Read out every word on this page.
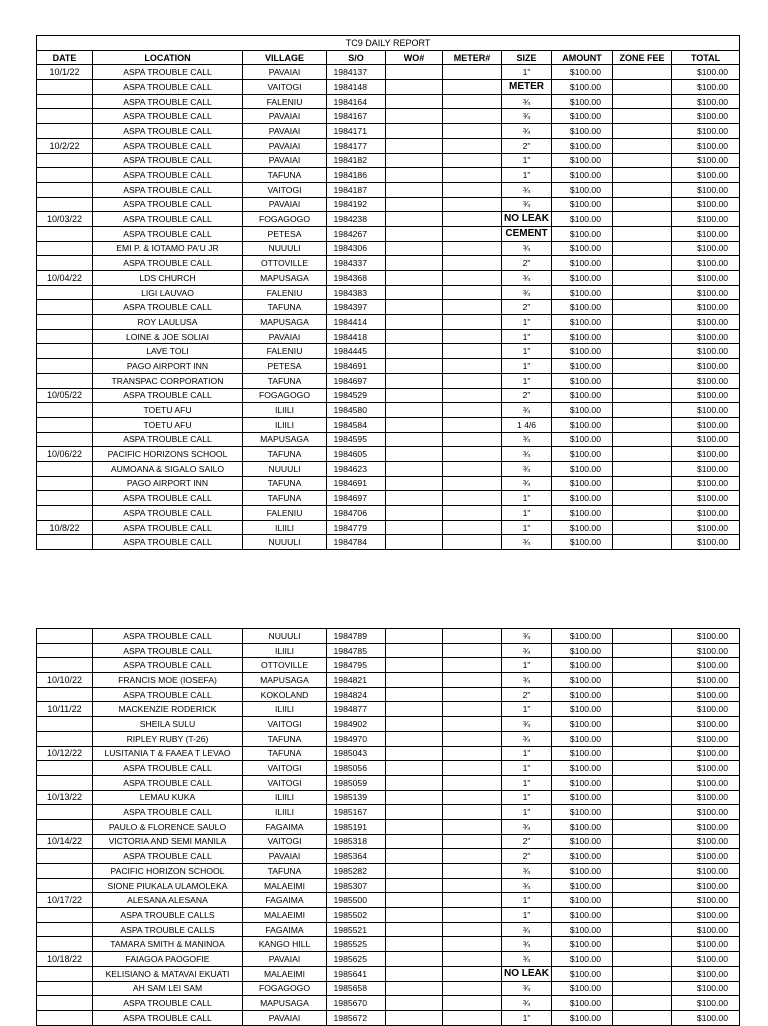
TC9 DAILY REPORT									
DATE	LOCATION	VILLAGE	S/O	WO#	METER#	SIZE	AMOUNT	ZONE FEE	TOTAL
10/1/22	ASPA TROUBLE CALL	PAVAIAI	1984137			1"	$100.00		$100.00
	ASPA TROUBLE CALL	VAITOGI	1984148			METER	$100.00		$100.00
	ASPA TROUBLE CALL	FALENIU	1984164			¾	$100.00		$100.00
	ASPA TROUBLE CALL	PAVAIAI	1984167			¾	$100.00		$100.00
	ASPA TROUBLE CALL	PAVAIAI	1984171			¾	$100.00		$100.00
10/2/22	ASPA TROUBLE CALL	PAVAIAI	1984177			2"	$100.00		$100.00
	ASPA TROUBLE CALL	PAVAIAI	1984182			1"	$100.00		$100.00
	ASPA TROUBLE CALL	TAFUNA	1984186			1"	$100.00		$100.00
	ASPA TROUBLE CALL	VAITOGI	1984187			¾	$100.00		$100.00
	ASPA TROUBLE CALL	PAVAIAI	1984192			¾	$100.00		$100.00
10/03/22	ASPA TROUBLE CALL	FOGAGOGO	1984238			NO LEAK	$100.00		$100.00
	ASPA TROUBLE CALL	PETESA	1984267			CEMENT	$100.00		$100.00
	EMI P. & IOTAMO PA'U JR	NUUULI	1984306			¾	$100.00		$100.00
	ASPA TROUBLE CALL	OTTOVILLE	1984337			2"	$100.00		$100.00
10/04/22	LDS CHURCH	MAPUSAGA	1984368			¾	$100.00		$100.00
	LIGI LAUVAO	FALENIU	1984383			¾	$100.00		$100.00
	ASPA TROUBLE CALL	TAFUNA	1984397			2"	$100.00		$100.00
	ROY LAULUSA	MAPUSAGA	1984414			1"	$100.00		$100.00
	LOINE & JOE SOLIAI	PAVAIAI	1984418			1"	$100.00		$100.00
	LAVE TOLI	FALENIU	1984445			1"	$100.00		$100.00
	PAGO AIRPORT INN	PETESA	1984691			1"	$100.00		$100.00
	TRANSPAC CORPORATION	TAFUNA	1984697			1"	$100.00		$100.00
10/05/22	ASPA TROUBLE CALL	FOGAGOGO	1984529			2"	$100.00		$100.00
	TOETU AFU	ILIILI	1984580			¾	$100.00		$100.00
	TOETU AFU	ILIILI	1984584			1 4/6	$100.00		$100.00
	ASPA TROUBLE CALL	MAPUSAGA	1984595			¾	$100.00		$100.00
10/06/22	PACIFIC HORIZONS SCHOOL	TAFUNA	1984605			¾	$100.00		$100.00
	AUMOANA & SIGALO SAILO	NUUULI	1984623			¾	$100.00		$100.00
	PAGO AIRPORT INN	TAFUNA	1984691			¾	$100.00		$100.00
	ASPA TROUBLE CALL	TAFUNA	1984697			1"	$100.00		$100.00
	ASPA TROUBLE CALL	FALENIU	1984706			1"	$100.00		$100.00
10/8/22	ASPA TROUBLE CALL	ILIILI	1984779			1"	$100.00		$100.00
	ASPA TROUBLE CALL	NUUULI	1984784			¾	$100.00		$100.00
	ASPA TROUBLE CALL	NUUULI	1984789			¾	$100.00		$100.00
	ASPA TROUBLE CALL	ILIILI	1984785			¾	$100.00		$100.00
	ASPA TROUBLE CALL	OTTOVILLE	1984795			1"	$100.00		$100.00
10/10/22	FRANCIS MOE (IOSEFA)	MAPUSAGA	1984821			¾	$100.00		$100.00
	ASPA TROUBLE CALL	KOKOLAND	1984824			2"	$100.00		$100.00
10/11/22	MACKENZIE RODERICK	ILIILI	1984877			1"	$100.00		$100.00
	SHEILA SULU	VAITOGI	1984902			¾	$100.00		$100.00
	RIPLEY RUBY (T-26)	TAFUNA	1984970			¾	$100.00		$100.00
10/12/22	LUSITANIA T & FAAEA T LEVAO	TAFUNA	1985043			1"	$100.00		$100.00
	ASPA TROUBLE CALL	VAITOGI	1985056			1"	$100.00		$100.00
	ASPA TROUBLE CALL	VAITOGI	1985059			1"	$100.00		$100.00
10/13/22	LEMAU KUKA	ILIILI	1985139			1"	$100.00		$100.00
	ASPA TROUBLE CALL	ILIILI	1985167			1"	$100.00		$100.00
	PAULO & FLORENCE SAULO	FAGAIMA	1985191			¾	$100.00		$100.00
10/14/22	VICTORIA AND SEMI MANILA	VAITOGI	1985318			2"	$100.00		$100.00
	ASPA TROUBLE CALL	PAVAIAI	1985364			2"	$100.00		$100.00
	PACIFIC HORIZON SCHOOL	TAFUNA	1985282			¾	$100.00		$100.00
	SIONE PIUKALA ULAMOLEKA	MALAEIMI	1985307			¾	$100.00		$100.00
10/17/22	ALESANA ALESANA	FAGAIMA	1985500			1"	$100.00		$100.00
	ASPA TROUBLE CALLS	MALAEIMI	1985502			1"	$100.00		$100.00
	ASPA TROUBLE CALLS	FAGAIMA	1985521			¾	$100.00		$100.00
	TAMARA SMITH & MANINOA	KANGO HILL	1985525			¾	$100.00		$100.00
10/18/22	FAIAGOA PAOGOFIE	PAVAIAI	1985625			¾	$100.00		$100.00
	KELISIANO & MATAVAI EKUATI	MALAEIMI	1985641			NO LEAK	$100.00		$100.00
	AH SAM LEI SAM	FOGAGOGO	1985658			¾	$100.00		$100.00
	ASPA TROUBLE CALL	MAPUSAGA	1985670			¾	$100.00		$100.00
	ASPA TROUBLE CALL	PAVAIAI	1985672			1"	$100.00		$100.00
